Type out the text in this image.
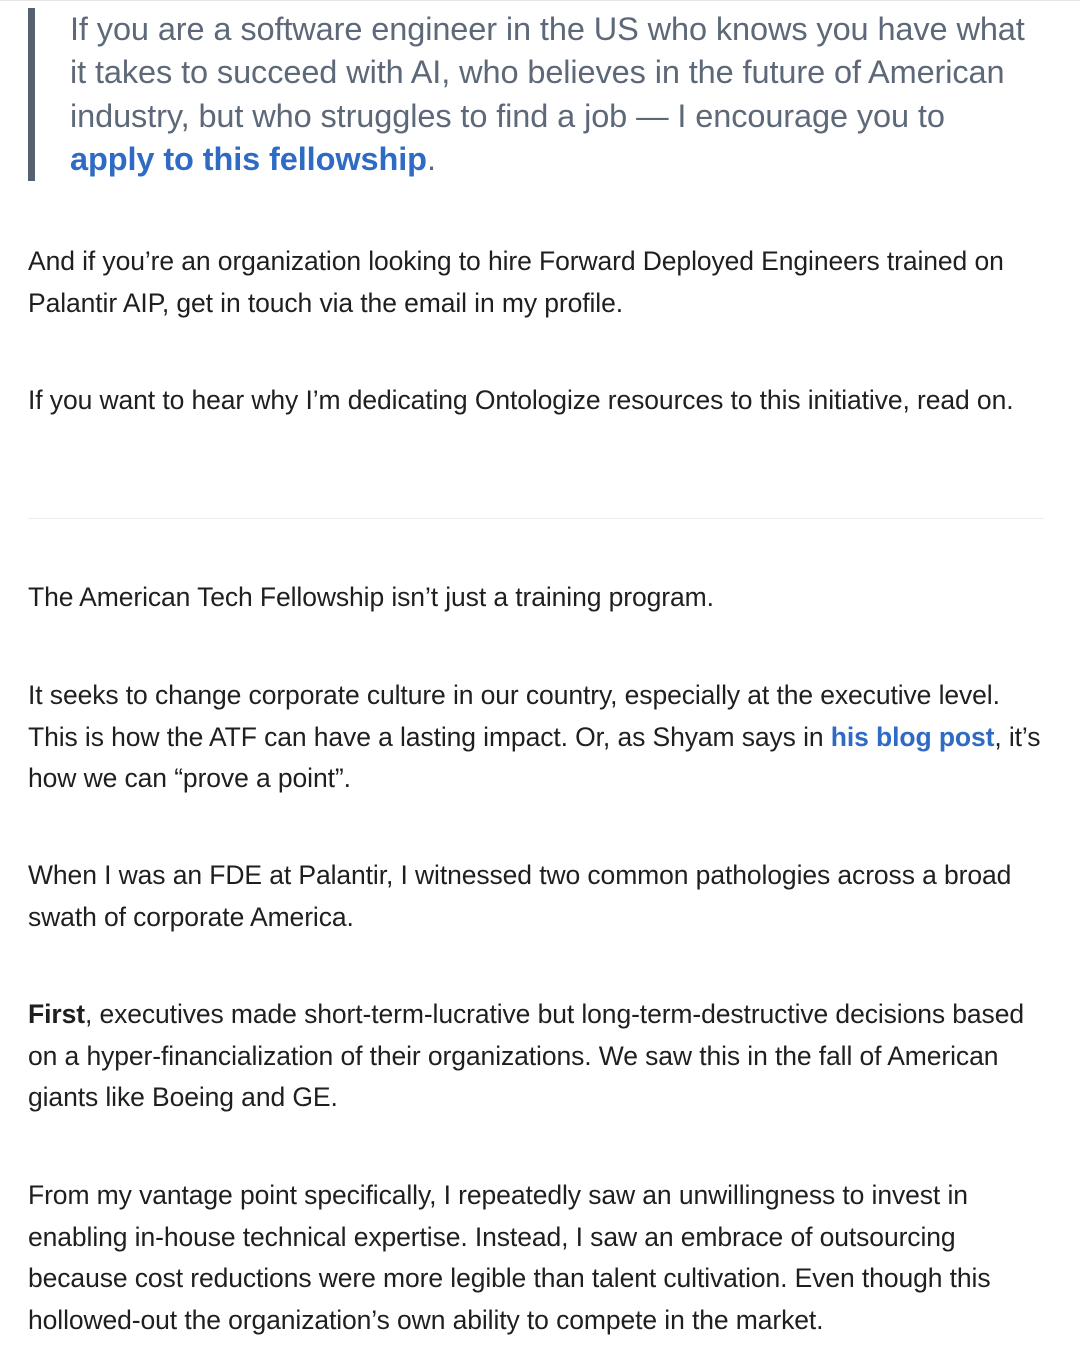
If you are a software engineer in the US who knows you have what it takes to succeed with AI, who believes in the future of American industry, but who struggles to find a job — I encourage you to apply to this fellowship.

And if you’re an organization looking to hire Forward Deployed Engineers trained on Palantir AIP, get in touch via the email in my profile.

If you want to hear why I’m dedicating Ontologize resources to this initiative, read on.

The American Tech Fellowship isn’t just a training program.

It seeks to change corporate culture in our country, especially at the executive level. This is how the ATF can have a lasting impact. Or, as Shyam says in his blog post, it’s how we can “prove a point”.

When I was an FDE at Palantir, I witnessed two common pathologies across a broad swath of corporate America.

First, executives made short-term-lucrative but long-term-destructive decisions based on a hyper-financialization of their organizations. We saw this in the fall of American giants like Boeing and GE.

From my vantage point specifically, I repeatedly saw an unwillingness to invest in enabling in-house technical expertise. Instead, I saw an embrace of outsourcing because cost reductions were more legible than talent cultivation. Even though this hollowed-out the organization’s own ability to compete in the market.
